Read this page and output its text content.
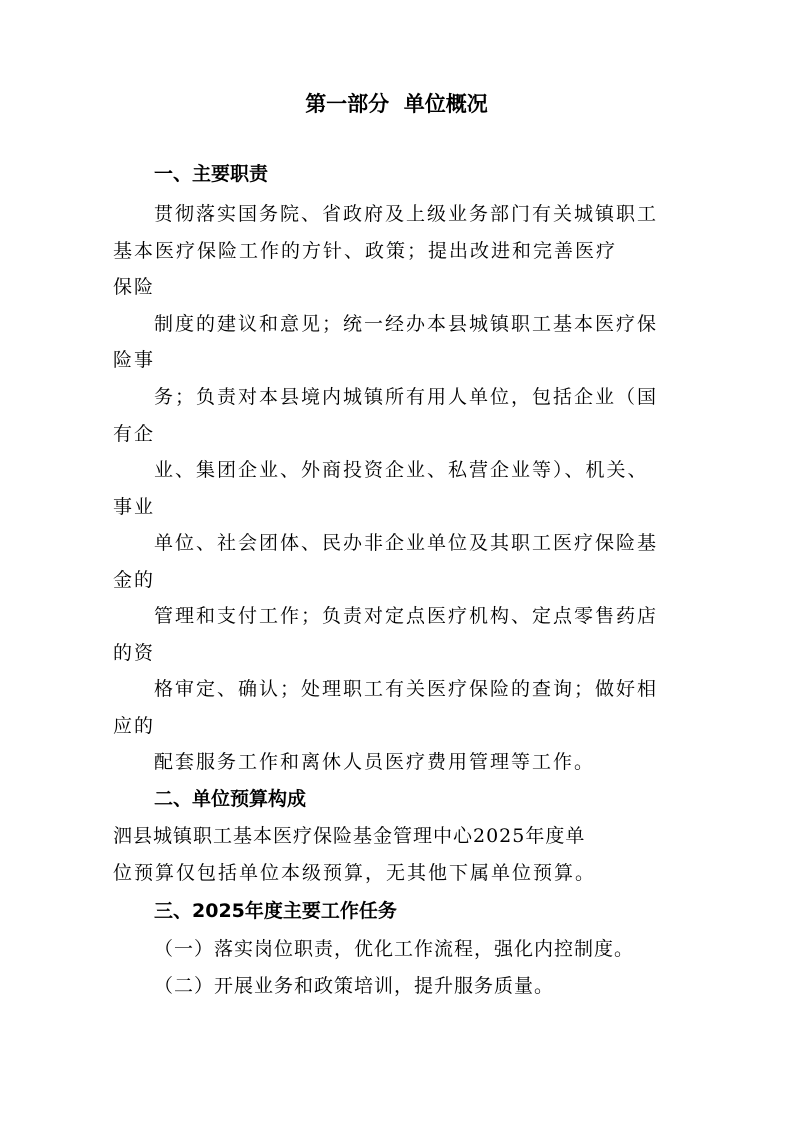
第一部分  单位概况
一、主要职责
贯彻落实国务院、省政府及上级业务部门有关城镇职工
基本医疗保险工作的方针、政策；提出改进和完善医疗
保险
制度的建议和意见；统一经办本县城镇职工基本医疗保
险事
务；负责对本县境内城镇所有用人单位，包括企业（国
有企
业、集团企业、外商投资企业、私营企业等）、机关、
事业
单位、社会团体、民办非企业单位及其职工医疗保险基
金的
管理和支付工作；负责对定点医疗机构、定点零售药店
的资
格审定、确认；处理职工有关医疗保险的查询；做好相
应的
配套服务工作和离休人员医疗费用管理等工作。
二、单位预算构成
泗县城镇职工基本医疗保险基金管理中心2025年度单
位预算仅包括单位本级预算，无其他下属单位预算。
三、2025年度主要工作任务
（一）落实岗位职责，优化工作流程，强化内控制度。
（二）开展业务和政策培训，提升服务质量。
